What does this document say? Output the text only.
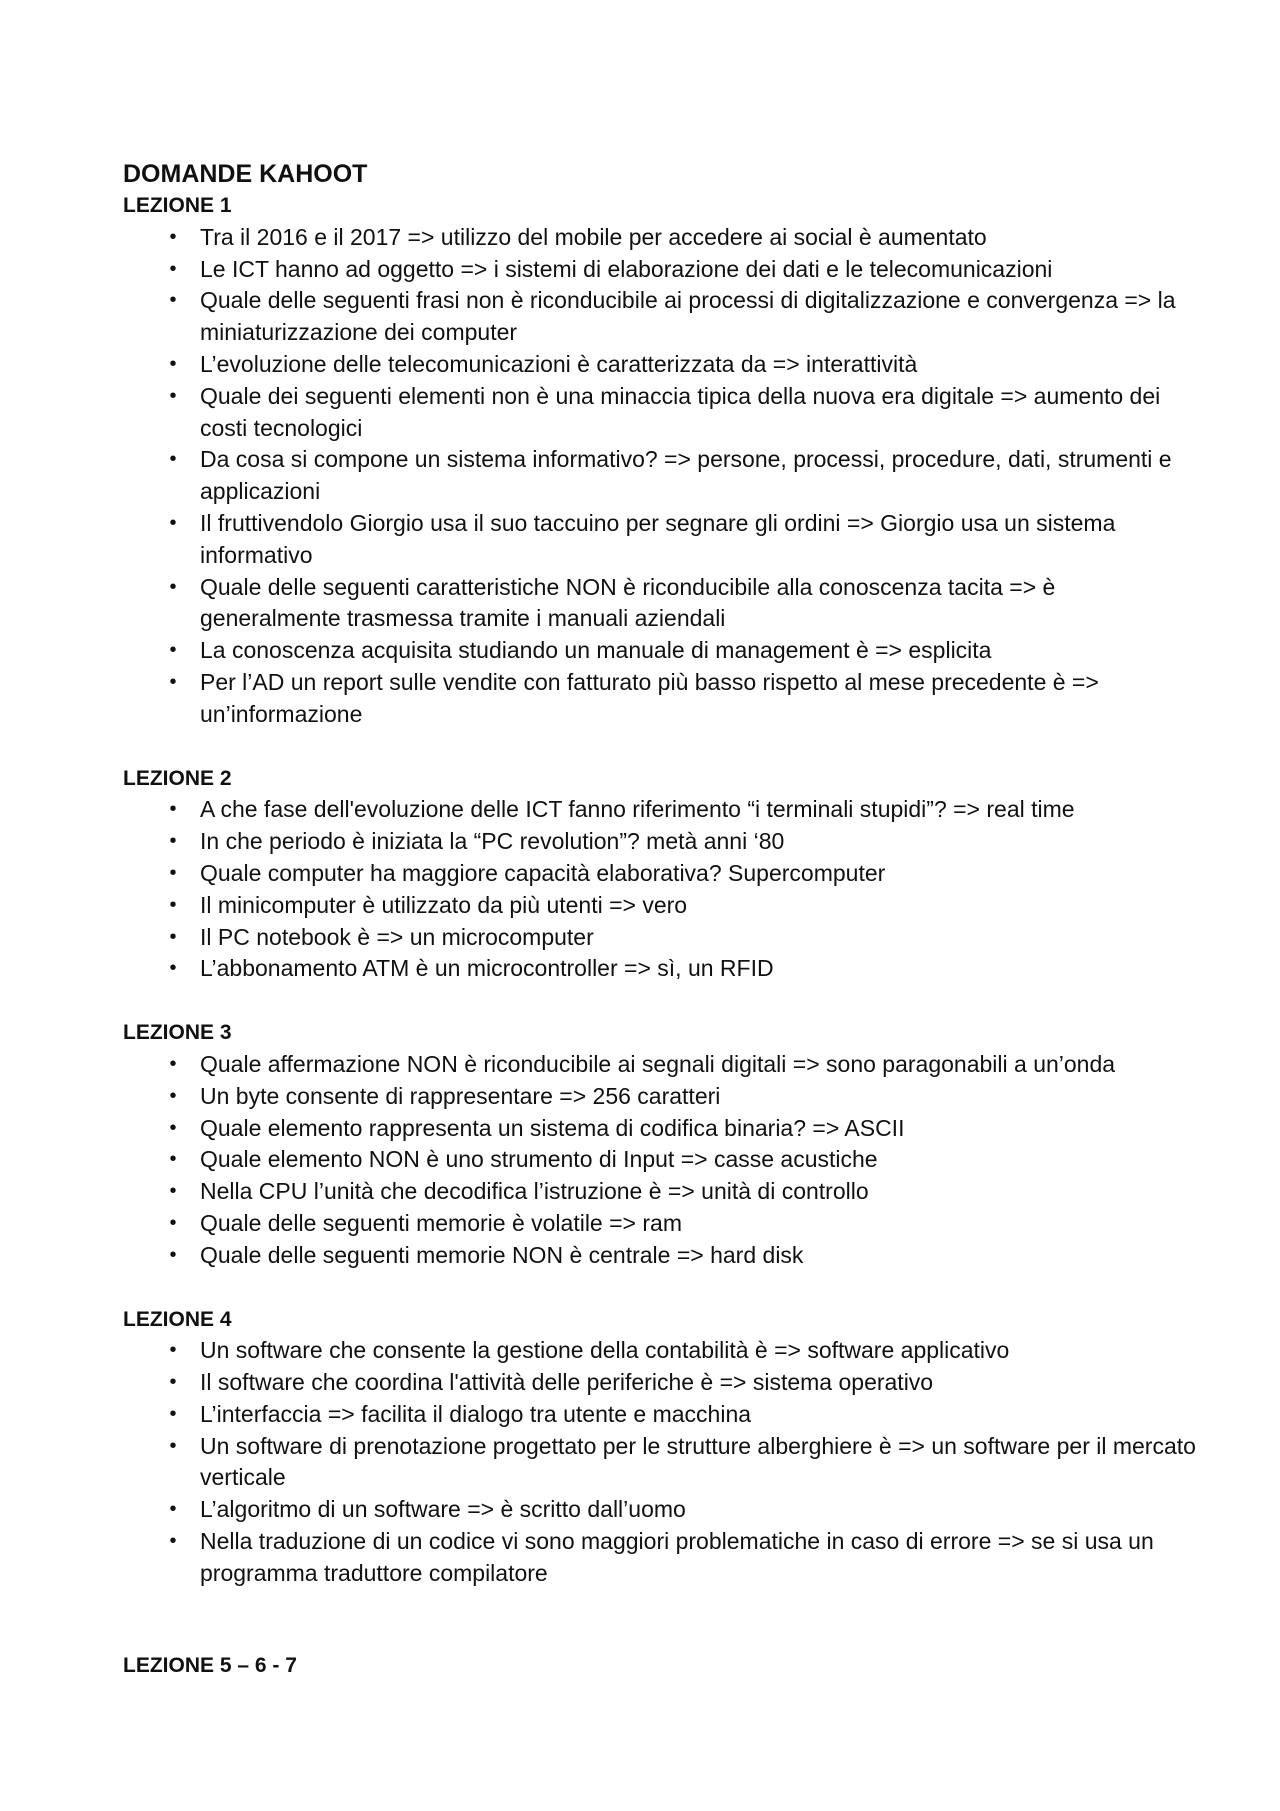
DOMANDE KAHOOT
LEZIONE 1
• Tra il 2016 e il 2017 => utilizzo del mobile per accedere ai social è aumentato
• Le ICT hanno ad oggetto => i sistemi di elaborazione dei dati e le telecomunicazioni
• Quale delle seguenti frasi non è riconducibile ai processi di digitalizzazione e convergenza => la miniaturizzazione dei computer
• L’evoluzione delle telecomunicazioni è caratterizzata da => interattività
• Quale dei seguenti elementi non è una minaccia tipica della nuova era digitale => aumento dei costi tecnologici
• Da cosa si compone un sistema informativo? => persone, processi, procedure, dati, strumenti e applicazioni
• Il fruttivendolo Giorgio usa il suo taccuino per segnare gli ordini => Giorgio usa un sistema informativo
• Quale delle seguenti caratteristiche NON è riconducibile alla conoscenza tacita => è generalmente trasmessa tramite i manuali aziendali
• La conoscenza acquisita studiando un manuale di management è => esplicita
• Per l’AD un report sulle vendite con fatturato più basso rispetto al mese precedente è => un’informazione
LEZIONE 2
• A che fase dell'evoluzione delle ICT fanno riferimento “i terminali stupidi”? => real time
• In che periodo è iniziata la “PC revolution”? metà anni ‘80
• Quale computer ha maggiore capacità elaborativa? Supercomputer
• Il minicomputer è utilizzato da più utenti => vero
• Il PC notebook è => un microcomputer
• L’abbonamento ATM è un microcontroller => sì, un RFID
LEZIONE 3
• Quale affermazione NON è riconducibile ai segnali digitali => sono paragonabili a un’onda
• Un byte consente di rappresentare => 256 caratteri
• Quale elemento rappresenta un sistema di codifica binaria? => ASCII
• Quale elemento NON è uno strumento di Input => casse acustiche
• Nella CPU l’unità che decodifica l’istruzione è => unità di controllo
• Quale delle seguenti memorie è volatile => ram
• Quale delle seguenti memorie NON è centrale => hard disk
LEZIONE 4
• Un software che consente la gestione della contabilità è => software applicativo
• Il software che coordina l'attività delle periferiche è => sistema operativo
• L’interfaccia => facilita il dialogo tra utente e macchina
• Un software di prenotazione progettato per le strutture alberghiere è => un software per il mercato verticale
• L’algoritmo di un software => è scritto dall’uomo
• Nella traduzione di un codice vi sono maggiori problematiche in caso di errore => se si usa un programma traduttore compilatore
LEZIONE 5 – 6 - 7
